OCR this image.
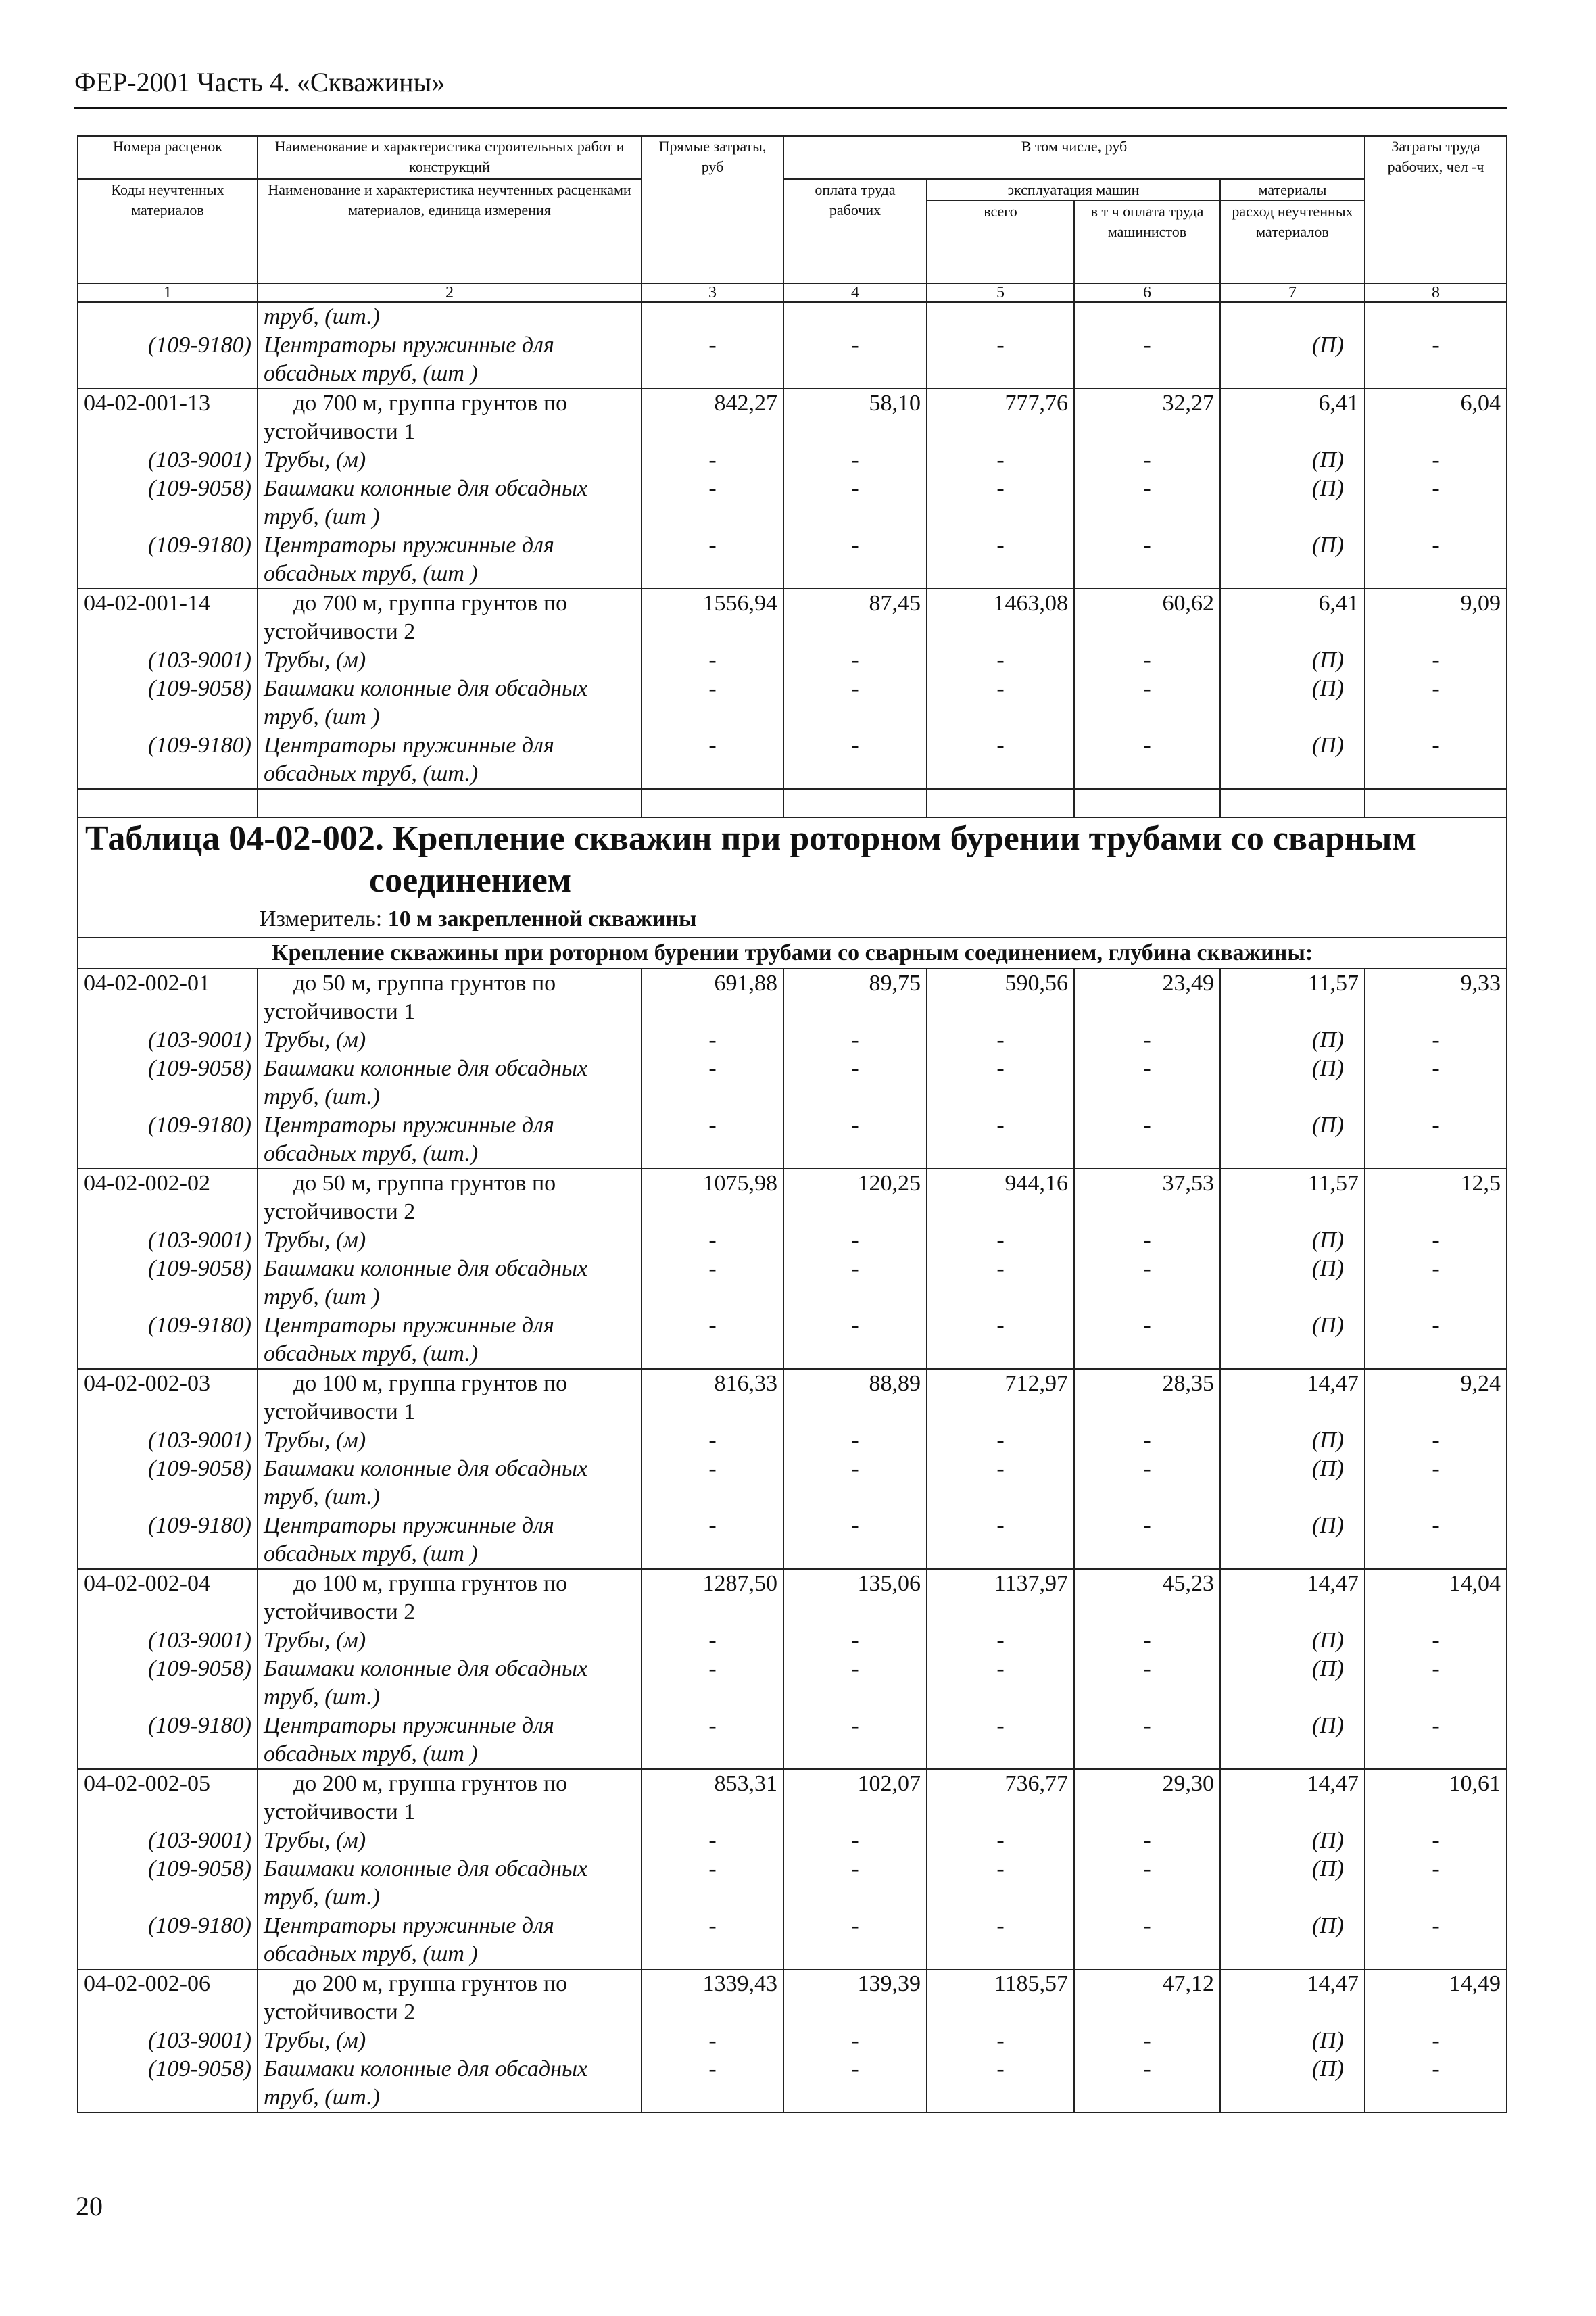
ФЕР-2001 Часть 4. «Скважины»
Номера расценок	Наименование и характеристика строительных работ и конструкций	Прямые затраты, руб	В том числе, руб				Затраты труда рабочих, чел -ч
Коды неучтенных материалов	Наименование и характеристика неучтенных расценками материалов, единица измерения		оплата труда рабочих	эксплуатация машин		материалы	
				всего	в т ч оплата труда машинистов	расход неучтенных материалов	
1	2	3	4	5	6	7	8
	труб, (шт.)						
(109-9180)	Центраторы пружинные для	-	-	-	-	(П)	-
	обсадных труб, (шт )						
04-02-001-13	до 700 м, группа грунтов по	842,27	58,10	777,76	32,27	6,41	6,04
	устойчивости 1						
(103-9001)	Трубы, (м)	-	-	-	-	(П)	-
(109-9058)	Башмаки колонные для обсадных	-	-	-	-	(П)	-
	труб, (шт )						
(109-9180)	Центраторы пружинные для	-	-	-	-	(П)	-
	обсадных труб, (шт )						
04-02-001-14	до 700 м, группа грунтов по	1556,94	87,45	1463,08	60,62	6,41	9,09
	устойчивости 2						
(103-9001)	Трубы, (м)	-	-	-	-	(П)	-
(109-9058)	Башмаки колонные для обсадных	-	-	-	-	(П)	-
	труб, (шт )						
(109-9180)	Центраторы пружинные для	-	-	-	-	(П)	-
	обсадных труб, (шт.)						

Таблица 04-02-002. Крепление скважин при роторном бурении трубами со сварным
соединением
Измеритель: 10 м закрепленной скважины							

Крепление скважины при роторном бурении трубами со сварным соединением, глубина скважины:							
04-02-002-01	до 50 м, группа грунтов по	691,88	89,75	590,56	23,49	11,57	9,33
	устойчивости 1						
(103-9001)	Трубы, (м)	-	-	-	-	(П)	-
(109-9058)	Башмаки колонные для обсадных	-	-	-	-	(П)	-
	труб, (шт.)						
(109-9180)	Центраторы пружинные для	-	-	-	-	(П)	-
	обсадных труб, (шт.)						
04-02-002-02	до 50 м, группа грунтов по	1075,98	120,25	944,16	37,53	11,57	12,5
	устойчивости 2						
(103-9001)	Трубы, (м)	-	-	-	-	(П)	-
(109-9058)	Башмаки колонные для обсадных	-	-	-	-	(П)	-
	труб, (шт )						
(109-9180)	Центраторы пружинные для	-	-	-	-	(П)	-
	обсадных труб, (шт.)						
04-02-002-03	до 100 м, группа грунтов по	816,33	88,89	712,97	28,35	14,47	9,24
	устойчивости 1						
(103-9001)	Трубы, (м)	-	-	-	-	(П)	-
(109-9058)	Башмаки колонные для обсадных	-	-	-	-	(П)	-
	труб, (шт.)						
(109-9180)	Центраторы пружинные для	-	-	-	-	(П)	-
	обсадных труб, (шт )						
04-02-002-04	до 100 м, группа грунтов по	1287,50	135,06	1137,97	45,23	14,47	14,04
	устойчивости 2						
(103-9001)	Трубы, (м)	-	-	-	-	(П)	-
(109-9058)	Башмаки колонные для обсадных	-	-	-	-	(П)	-
	труб, (шт.)						
(109-9180)	Центраторы пружинные для	-	-	-	-	(П)	-
	обсадных труб, (шт )						
04-02-002-05	до 200 м, группа грунтов по	853,31	102,07	736,77	29,30	14,47	10,61
	устойчивости 1						
(103-9001)	Трубы, (м)	-	-	-	-	(П)	-
(109-9058)	Башмаки колонные для обсадных	-	-	-	-	(П)	-
	труб, (шт.)						
(109-9180)	Центраторы пружинные для	-	-	-	-	(П)	-
	обсадных труб, (шт )						
04-02-002-06	до 200 м, группа грунтов по	1339,43	139,39	1185,57	47,12	14,47	14,49
	устойчивости 2						
(103-9001)	Трубы, (м)	-	-	-	-	(П)	-
(109-9058)	Башмаки колонные для обсадных	-	-	-	-	(П)	-
	труб, (шт.)						
20
